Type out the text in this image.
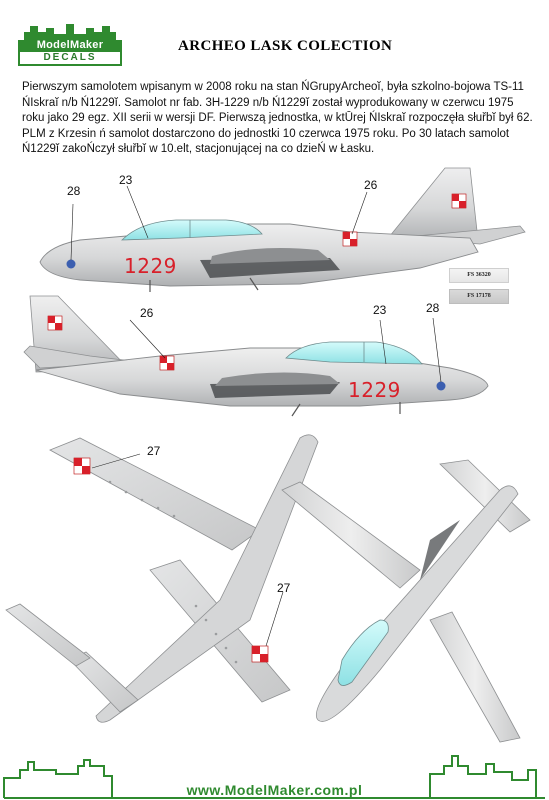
ModelMaker
DECALS
ARCHEO LASK COLECTION
Pierwszym samolotem wpisanym w 2008 roku na stan ŃGrupyArcheoĭ, była szkolno-bojowa TS-11 ŃIskraĭ n/b Ń1229ĭ. Samolot nr fab. 3H-1229 n/b Ń1229ĭ został wyprodukowany w czerwcu 1975 roku jako 29 egz. XII serii w wersji DF. Pierwszą jednostka, w ktŪrej ŃIskraĭ rozpoczęła słuřbĭ był 62. PLM z Krzesin ń samolot dostarczono do jednostki 10 czerwca 1975 roku. Po 30 latach samolot Ń1229ĭ zakoŃczył słuřbĭ w 10.elt, stacjonującej na co dzieŃ w Łasku.
1229
28
23	26
FS 36320
FS 17178
1229
26	23	28
27
27
www.ModelMaker.com.pl
